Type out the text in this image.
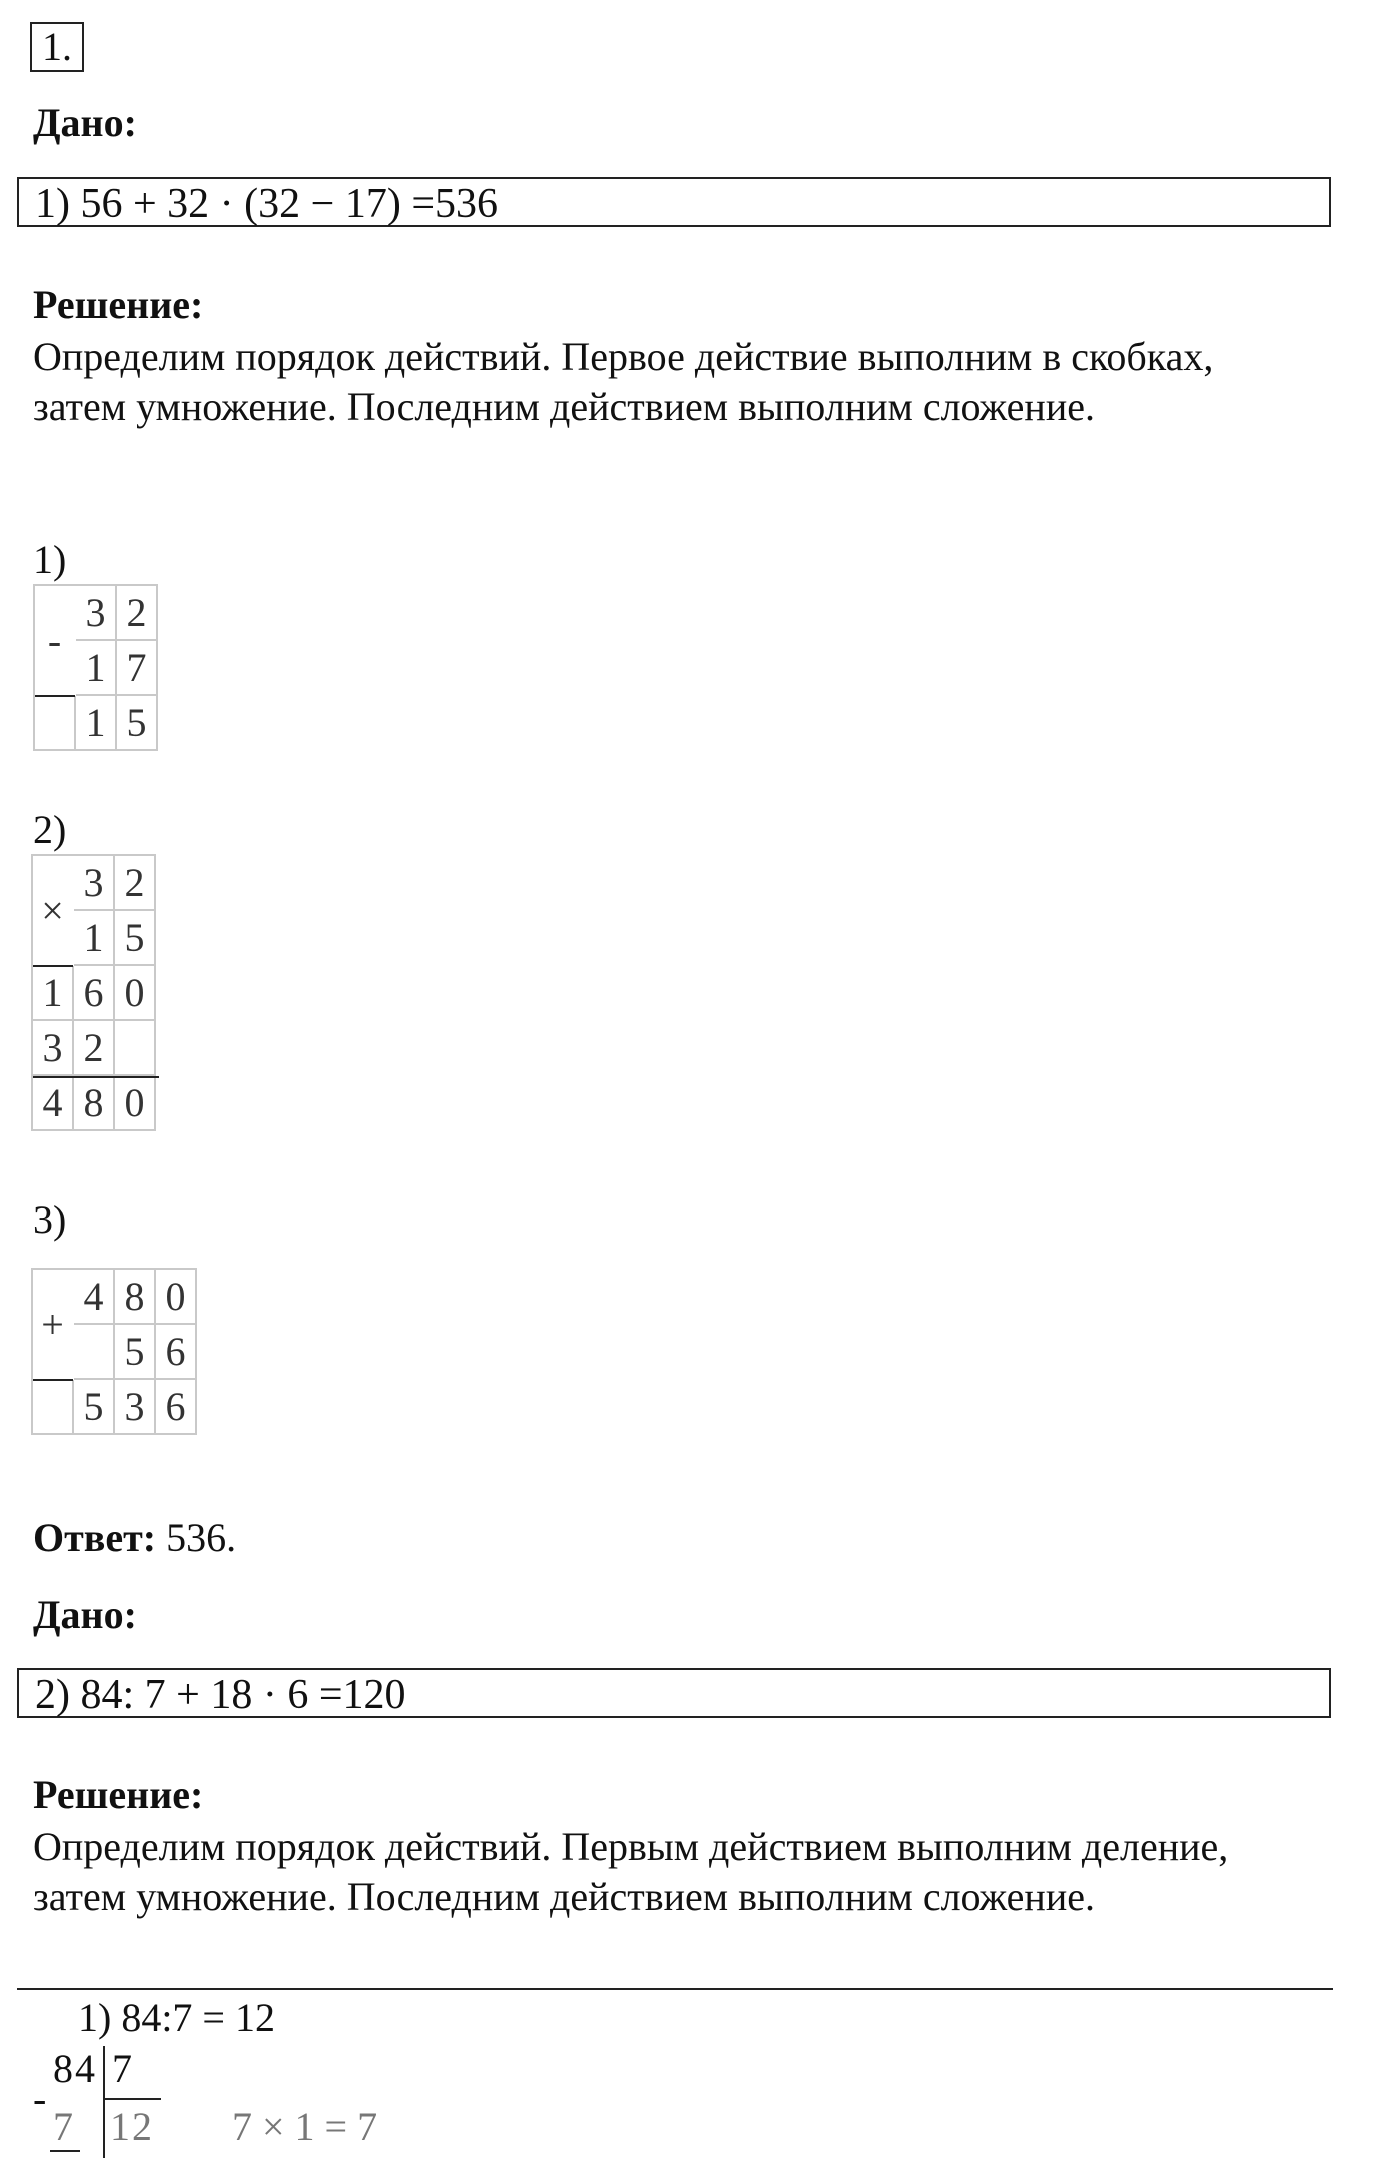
1.
Дано:
1) 56 + 32 · (32 − 17) =536
Решение:
Определим порядок действий. Первое действие выполним в скобках, затем умножение. Последним действием выполним сложение.
1)
-	3	2
	1	7
	1	5
2)
×	3	2
	1	5
1	6	0
3	2	
4	8	0
3)
+	4	8	0
		5	6
	5	3	6
Ответ: 536.
Дано:
2) 84: 7 + 18 · 6 =120
Решение:
Определим порядок действий. Первым действием выполним деление, затем умножение. Последним действием выполним сложение.
1) 84:7 = 12
84 7
-
7 12 7 × 1 = 7
